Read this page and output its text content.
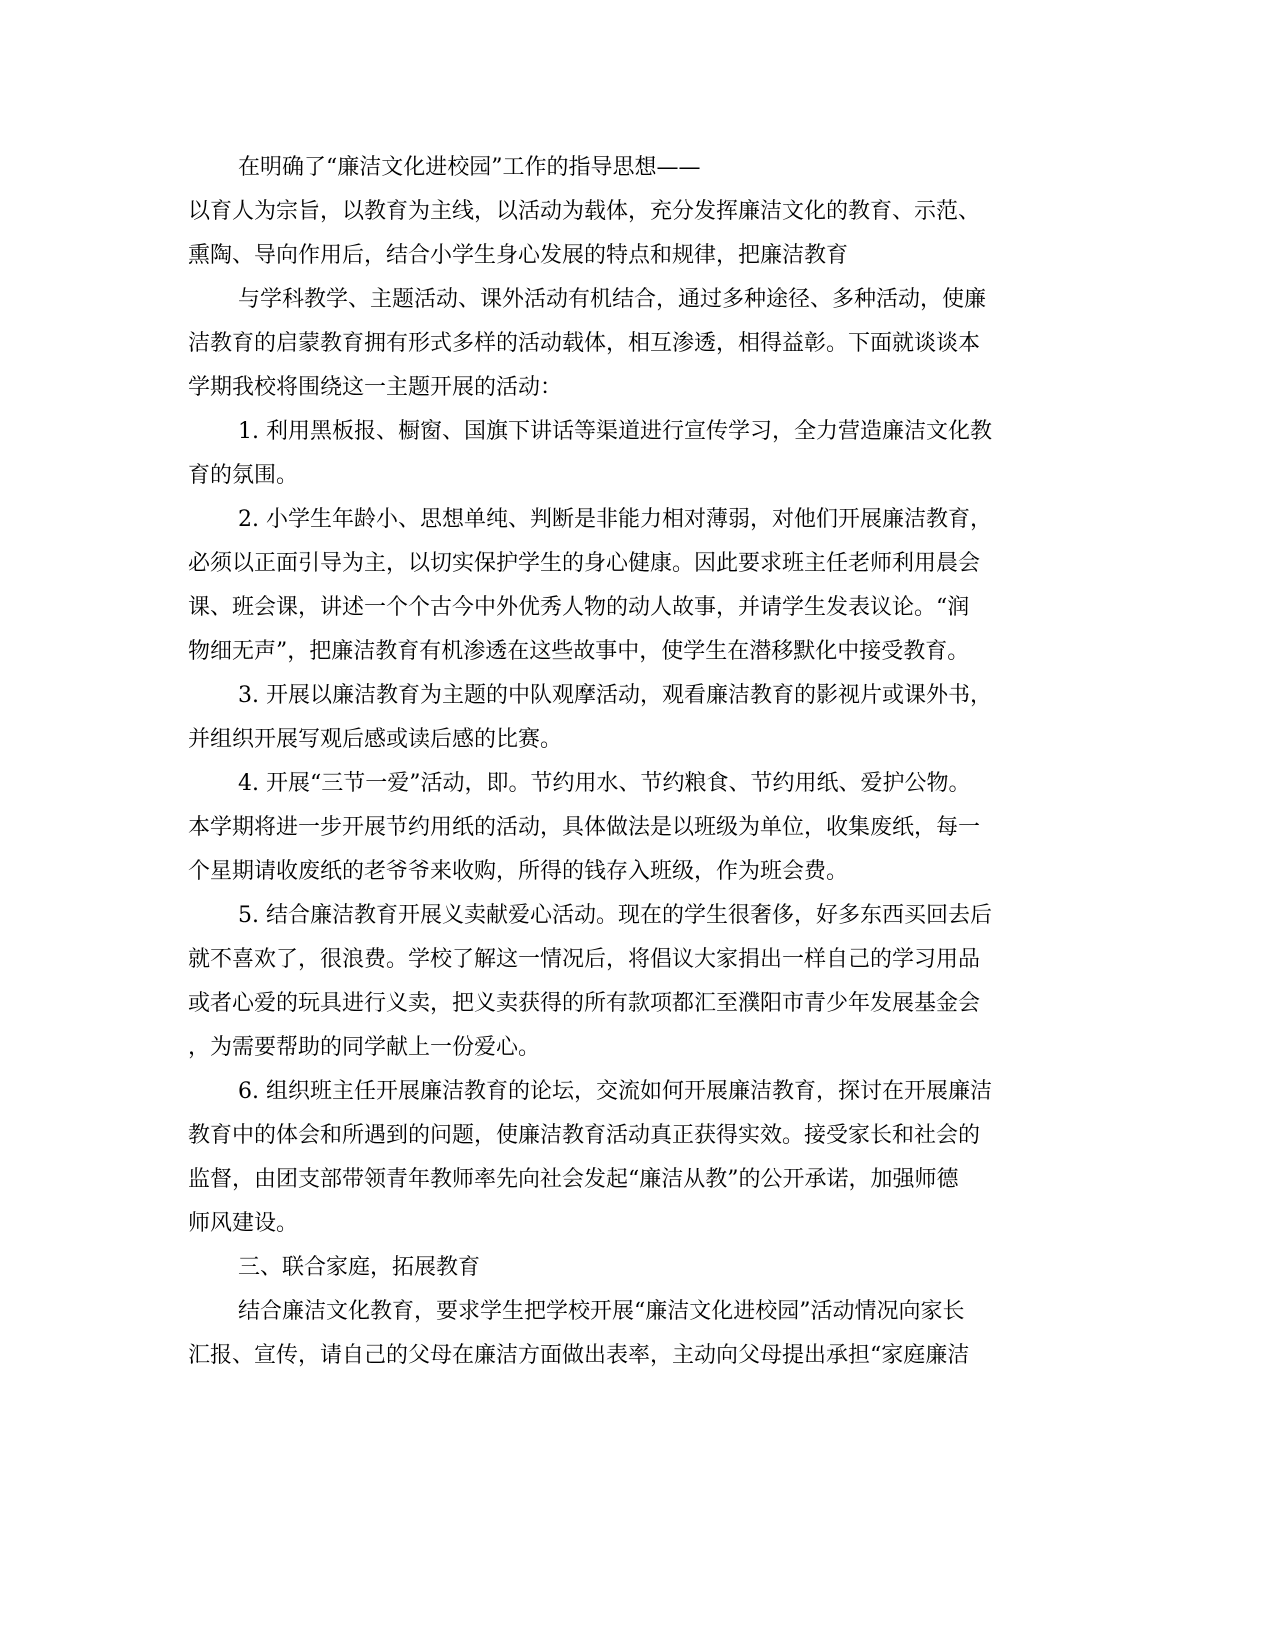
在明确了“廉洁文化进校园”工作的指导思想——

以育人为宗旨，以教育为主线，以活动为载体，充分发挥廉洁文化的教育、示范、

熏陶、导向作用后，结合小学生身心发展的特点和规律，把廉洁教育

与学科教学、主题活动、课外活动有机结合，通过多种途径、多种活动，使廉

洁教育的启蒙教育拥有形式多样的活动载体，相互渗透，相得益彰。下面就谈谈本

学期我校将围绕这一主题开展的活动：

1. 利用黑板报、橱窗、国旗下讲话等渠道进行宣传学习，全力营造廉洁文化教

育的氛围。

2. 小学生年龄小、思想单纯、判断是非能力相对薄弱，对他们开展廉洁教育，

必须以正面引导为主，以切实保护学生的身心健康。因此要求班主任老师利用晨会

课、班会课，讲述一个个古今中外优秀人物的动人故事，并请学生发表议论。“润

物细无声”，把廉洁教育有机渗透在这些故事中，使学生在潜移默化中接受教育。

3. 开展以廉洁教育为主题的中队观摩活动，观看廉洁教育的影视片或课外书，

并组织开展写观后感或读后感的比赛。

4. 开展“三节一爱”活动，即。节约用水、节约粮食、节约用纸、爱护公物。

本学期将进一步开展节约用纸的活动，具体做法是以班级为单位，收集废纸，每一

个星期请收废纸的老爷爷来收购，所得的钱存入班级，作为班会费。

5. 结合廉洁教育开展义卖献爱心活动。现在的学生很奢侈，好多东西买回去后

就不喜欢了，很浪费。学校了解这一情况后，将倡议大家捐出一样自己的学习用品

或者心爱的玩具进行义卖，把义卖获得的所有款项都汇至濮阳市青少年发展基金会

，为需要帮助的同学献上一份爱心。

6. 组织班主任开展廉洁教育的论坛，交流如何开展廉洁教育，探讨在开展廉洁

教育中的体会和所遇到的问题，使廉洁教育活动真正获得实效。接受家长和社会的

监督，由团支部带领青年教师率先向社会发起“廉洁从教”的公开承诺，加强师德

师风建设。

三、联合家庭，拓展教育

结合廉洁文化教育，要求学生把学校开展“廉洁文化进校园”活动情况向家长

汇报、宣传，请自己的父母在廉洁方面做出表率，主动向父母提出承担“家庭廉洁
